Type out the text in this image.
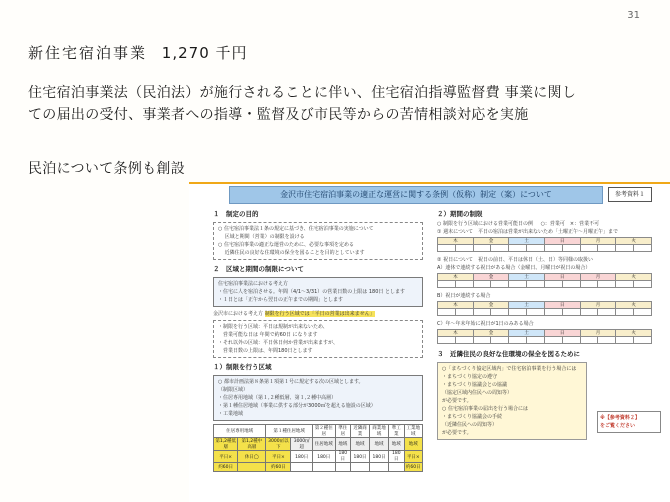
31
新住宅宿泊事業 1,270 千円
住宅宿泊事業法（民泊法）が施行されることに伴い、住宅宿泊指導監督費 事業に関し
ての届出の受付、事業者への指導・監督及び市民等からの苦情相談対応を実施
民泊について条例も創設
金沢市住宅宿泊事業の適正な運営に関する条例（仮称）制定（案）について	参考資料１
１　制定の目的
○ 住宅宿泊事業法１条の規定に基づき、住宅宿泊事業の実施について
　 区域と期間（営業）の制限を設ける
○ 住宅宿泊事業の適正な運営のために、必要な事項を定める
　 近隣住民の良好な住環境の保全を図ることを目的としています
２　区域と期間の制限について
住宅宿泊事業法における考え方
・住宅に人を宿泊させる。年間（4/1〜3/31）の営業日数の上限は 180日 とします
・１日とは「正午から翌日の正午までの期間」とします
金沢市における考え方 制限を行う区域では「平日の営業は出来ません」
・制限を行う区域：平日は規制が出来ないため、
　営業可能な日は 年間で約60日 になります
・それ以外の区域：平日休日何か営業が出来ますが、
　営業日数の上限は、年間180日とします
１）制限を行う区域
○ 都市計画法第８条第１項第１号に規定する次の区域とします。
（制限区域）
・住居専用地域（第１,２種低層、第１,２種中高層）
・第１種住居地域（事業に供する部分が3000㎡を超える施設の区域）
・工業地域
住居専用地域		第１種住居地域		第２種住居	準住居	近隣商業	商業地域	準工業	工業地域
第1,2種低層	第1,2種中高層	3000㎡以下	3000㎡超	住居地域	地域	地域	地域	地域	地域
平日×	休日◯	平日×	180日	180日	180日	180日	180日	180日	平日×
約60日		約60日							約60日
２）期間の制限
○ 制限を行う区域における営業可能日の例 ○：営業可　×：営業不可
① 週末について　平日の宿泊は営業が出来ないため「土曜正午〜月曜正午」まで
木		金		土		日		月		火	

② 祝日について　祝日の前日、平日は休日（土、日）等同様の取扱い
A）連休で連続する祝日がある場合（金曜日、月曜日が祝日の場合）
木		金		土		日		月		火	

B）祝日が連続する場合
木		金		土		日		月		火	

C）年〜年末年始に祝日が1日のみある場合
木		金		土		日		月		火	

３　近隣住民の良好な住環境の保全を図るために
○「まちづくり協定区域内」で住宅宿泊事業を行う場合には
・まちづくり協定の遵守
・まちづくり協議会との協議
（協定区域内住民への周知等）
が必要です。
○ 住宅宿泊事業の届出を行う場合には
・まちづくり協議会の手続
（近隣住民への周知等）
が必要です。
※【参考資料２】
をご覧ください
